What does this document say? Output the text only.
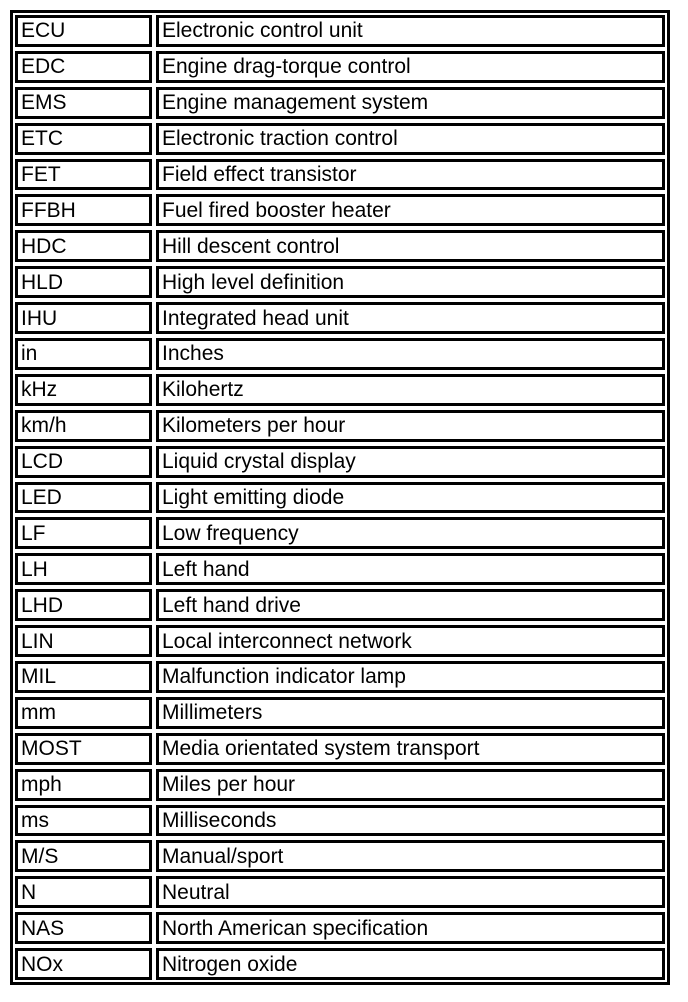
ECU	Electronic control unit
EDC	Engine drag-torque control
EMS	Engine management system
ETC	Electronic traction control
FET	Field effect transistor
FFBH	Fuel fired booster heater
HDC	Hill descent control
HLD	High level definition
IHU	Integrated head unit
in	Inches
kHz	Kilohertz
km/h	Kilometers per hour
LCD	Liquid crystal display
LED	Light emitting diode
LF	Low frequency
LH	Left hand
LHD	Left hand drive
LIN	Local interconnect network
MIL	Malfunction indicator lamp
mm	Millimeters
MOST	Media orientated system transport
mph	Miles per hour
ms	Milliseconds
M/S	Manual/sport
N	Neutral
NAS	North American specification
NOx	Nitrogen oxide
